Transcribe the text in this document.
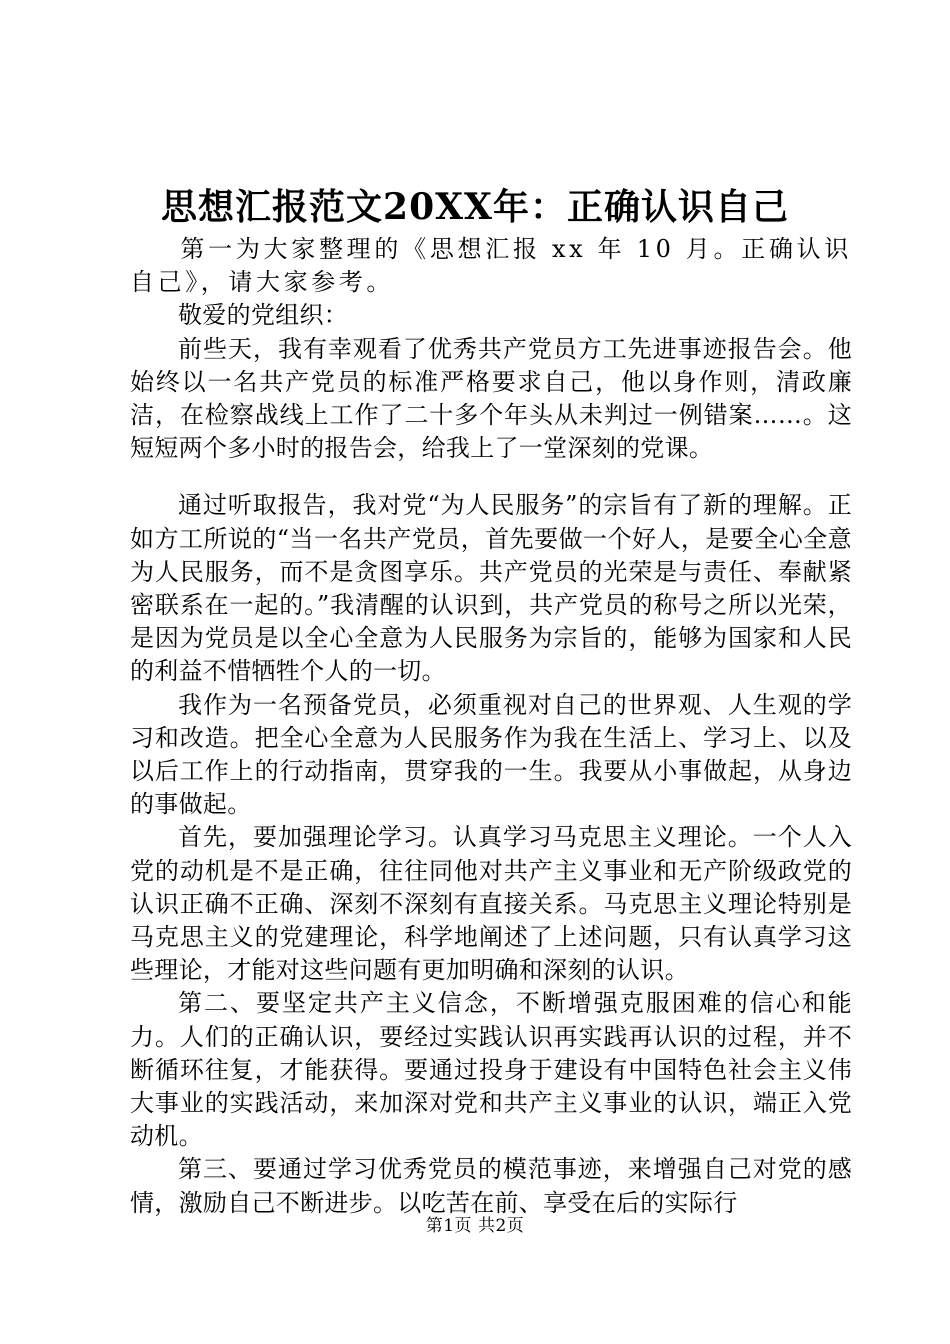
思想汇报范文20XX年：正确认识自己

第一为大家整理的《思想汇报 xx 年 10 月。正确认识自己》，请大家参考。

敬爱的党组织：

前些天，我有幸观看了优秀共产党员方工先进事迹报告会。他始终以一名共产党员的标准严格要求自己，他以身作则，清政廉洁，在检察战线上工作了二十多个年头从未判过一例错案……。这短短两个多小时的报告会，给我上了一堂深刻的党课。

通过听取报告，我对党“为人民服务”的宗旨有了新的理解。正如方工所说的“当一名共产党员，首先要做一个好人，是要全心全意为人民服务，而不是贪图享乐。共产党员的光荣是与责任、奉献紧密联系在一起的。”我清醒的认识到，共产党员的称号之所以光荣，是因为党员是以全心全意为人民服务为宗旨的，能够为国家和人民的利益不惜牺牲个人的一切。

我作为一名预备党员，必须重视对自己的世界观、人生观的学习和改造。把全心全意为人民服务作为我在生活上、学习上、以及以后工作上的行动指南，贯穿我的一生。我要从小事做起，从身边的事做起。

首先，要加强理论学习。认真学习马克思主义理论。一个人入党的动机是不是正确，往往同他对共产主义事业和无产阶级政党的认识正确不正确、深刻不深刻有直接关系。马克思主义理论特别是马克思主义的党建理论，科学地阐述了上述问题，只有认真学习这些理论，才能对这些问题有更加明确和深刻的认识。

第二、要坚定共产主义信念，不断增强克服困难的信心和能力。人们的正确认识，要经过实践认识再实践再认识的过程，并不断循环往复，才能获得。要通过投身于建设有中国特色社会主义伟大事业的实践活动，来加深对党和共产主义事业的认识，端正入党动机。

第三、要通过学习优秀党员的模范事迹，来增强自己对党的感情，激励自己不断进步。以吃苦在前、享受在后的实际行

第1页 共2页
